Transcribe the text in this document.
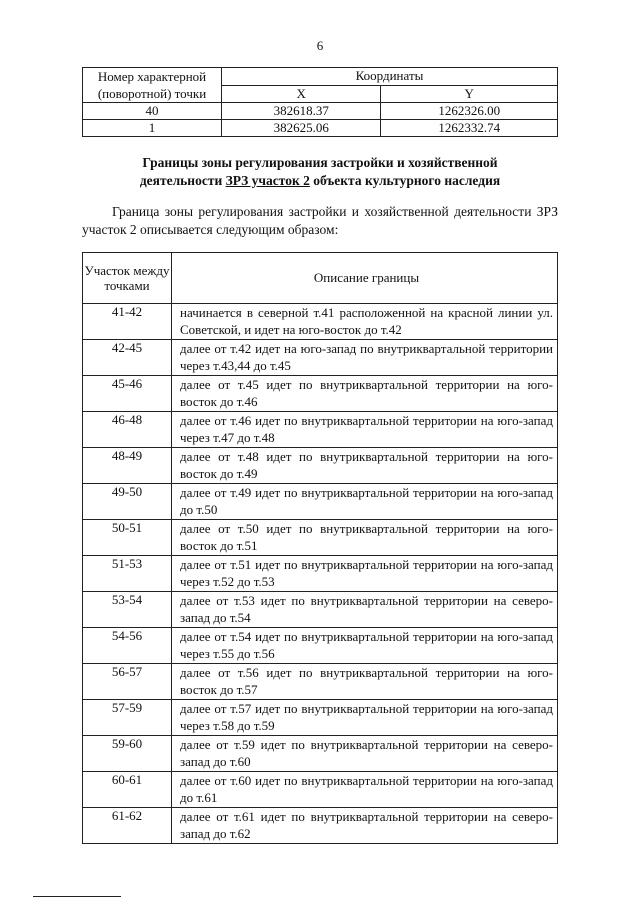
6
Номер характерной (поворотной) точки	Координаты	
	X	Y
40	382618.37	1262326.00
1	382625.06	1262332.74
Границы зоны регулирования застройки и хозяйственной
деятельности ЗРЗ участок 2 объекта культурного наследия
Граница зоны регулирования застройки и хозяйственной деятельности ЗРЗ участок 2 описывается следующим образом:
Участок между точками	Описание границы
41-42	начинается в северной т.41 расположенной на красной линии ул. Советской, и идет на юго-восток до т.42
42-45	далее от т.42 идет на юго-запад по внутриквартальной территории через т.43,44 до т.45
45-46	далее от т.45 идет по внутриквартальной территории на юго-восток до т.46
46-48	далее от т.46 идет по внутриквартальной территории на юго-запад через т.47 до т.48
48-49	далее от т.48 идет по внутриквартальной территории на юго-восток до т.49
49-50	далее от т.49 идет по внутриквартальной территории на юго-запад до т.50
50-51	далее от т.50 идет по внутриквартальной территории на юго-восток до т.51
51-53	далее от т.51 идет по внутриквартальной территории на юго-запад через т.52 до т.53
53-54	далее от т.53 идет по внутриквартальной территории на северо-запад до т.54
54-56	далее от т.54 идет по внутриквартальной территории на юго-запад через т.55 до т.56
56-57	далее от т.56 идет по внутриквартальной территории на юго-восток до т.57
57-59	далее от т.57 идет по внутриквартальной территории на юго-запад через т.58 до т.59
59-60	далее от т.59 идет по внутриквартальной территории на северо-запад до т.60
60-61	далее от т.60 идет по внутриквартальной территории на юго-запад до т.61
61-62	далее от т.61 идет по внутриквартальной территории на северо-запад до т.62
